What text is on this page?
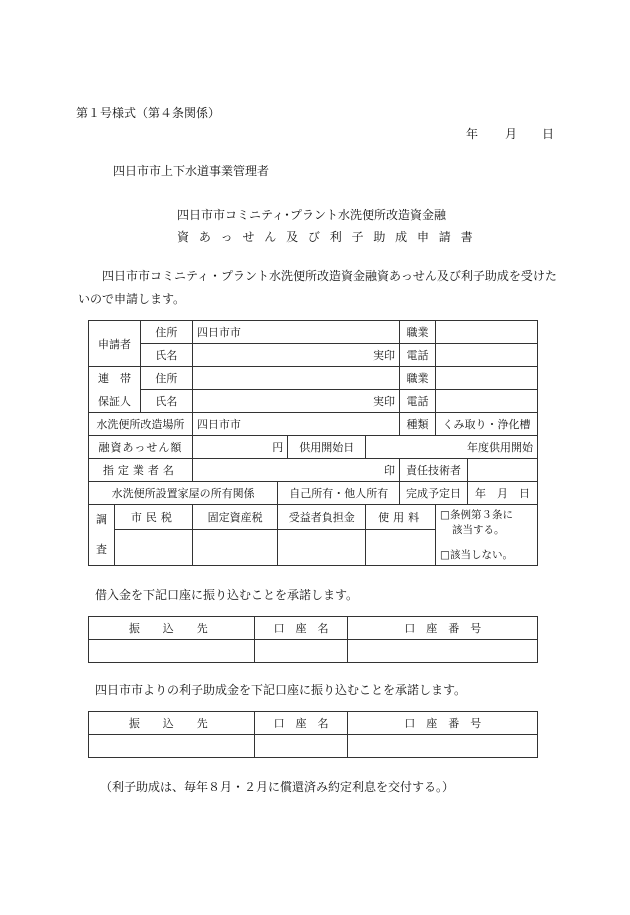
第１号様式（第４条関係）
年 月 日
四日市市上下水道事業管理者
四日市市コミニティ･プラント水洗便所改造資金融
資 あ っ せ ん 及 び 利 子 助 成 申 請 書
四日市市コミニティ・プラント水洗便所改造資金融資あっせん及び利子助成を受けたいので申請します。
申請者		住所	四日市市				職業		
		氏名	実印				電話		
連　帯		住所					職業		
保証人		氏名	実印				電話		
水洗便所改造場所			四日市市				種類	くみ取り・浄化槽	
融資あっせん額			円		供用開始日	年度供用開始			
指定業者名			印				責任技術者		
水洗便所設置家屋の所有関係				自己所有・他人所有			完成予定日		年　月　日
調
査	市民税		固定資産税	受益者負担金		使用料		□条例第３条に
該当する。
□該当しない。	

借入金を下記口座に振り込むことを承諾します。
振　込　先	口　座　名	口　座　番　号

四日市市よりの利子助成金を下記口座に振り込むことを承諾します。
振　込　先	口　座　名	口　座　番　号

（利子助成は、毎年８月・２月に償還済み約定利息を交付する。）
